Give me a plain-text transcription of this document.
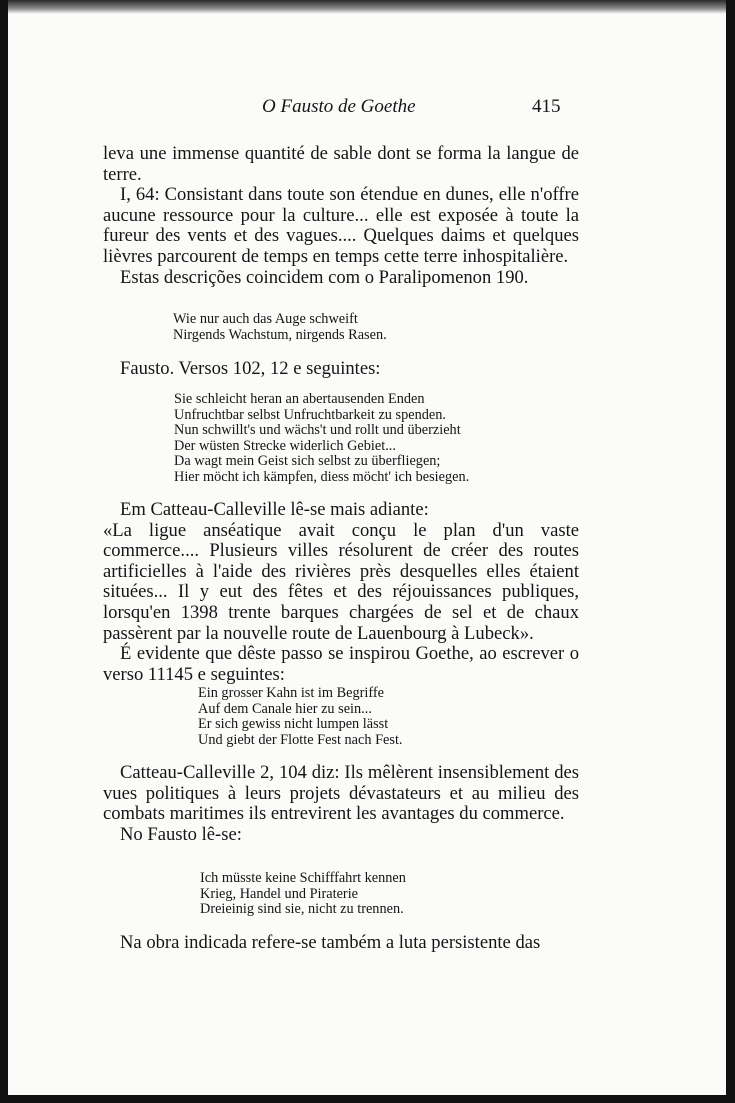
O Fausto de Goethe	415

leva une immense quantité de sable dont se forma la langue de terre.

I, 64: Consistant dans toute son étendue en dunes, elle n'offre aucune ressource pour la culture... elle est exposée à toute la fureur des vents et des vagues.... Quelques daims et quelques lièvres parcourent de temps en temps cette terre inhospitalière.

Estas descrições coincidem com o Paralipomenon 190.

Wie nur auch das Auge schweift
Nirgends Wachstum, nirgends Rasen.

Fausto. Versos 102, 12 e seguintes:

Sie schleicht heran an abertausenden Enden
Unfruchtbar selbst Unfruchtbarkeit zu spenden.
Nun schwillt's und wächs't und rollt und überzieht
Der wüsten Strecke widerlich Gebiet...
Da wagt mein Geist sich selbst zu überfliegen;
Hier möcht ich kämpfen, diess möcht' ich besiegen.

Em Catteau-Calleville lê-se mais adiante:

«La ligue anséatique avait conçu le plan d'un vaste commerce.... Plusieurs villes résolurent de créer des routes artificielles à l'aide des rivières près desquelles elles étaient situées... Il y eut des fêtes et des réjouissances publiques, lorsqu'en 1398 trente barques chargées de sel et de chaux passèrent par la nouvelle route de Lauenbourg à Lubeck».

É evidente que dêste passo se inspirou Goethe, ao escrever o verso 11145 e seguintes:

Ein grosser Kahn ist im Begriffe
Auf dem Canale hier zu sein...
Er sich gewiss nicht lumpen lässt
Und giebt der Flotte Fest nach Fest.

Catteau-Calleville 2, 104 diz: Ils mêlèrent insensiblement des vues politiques à leurs projets dévastateurs et au milieu des combats maritimes ils entrevirent les avantages du commerce.

No Fausto lê-se:

Ich müsste keine Schifffahrt kennen
Krieg, Handel und Piraterie
Dreieinig sind sie, nicht zu trennen.

Na obra indicada refere-se também a luta persistente das
